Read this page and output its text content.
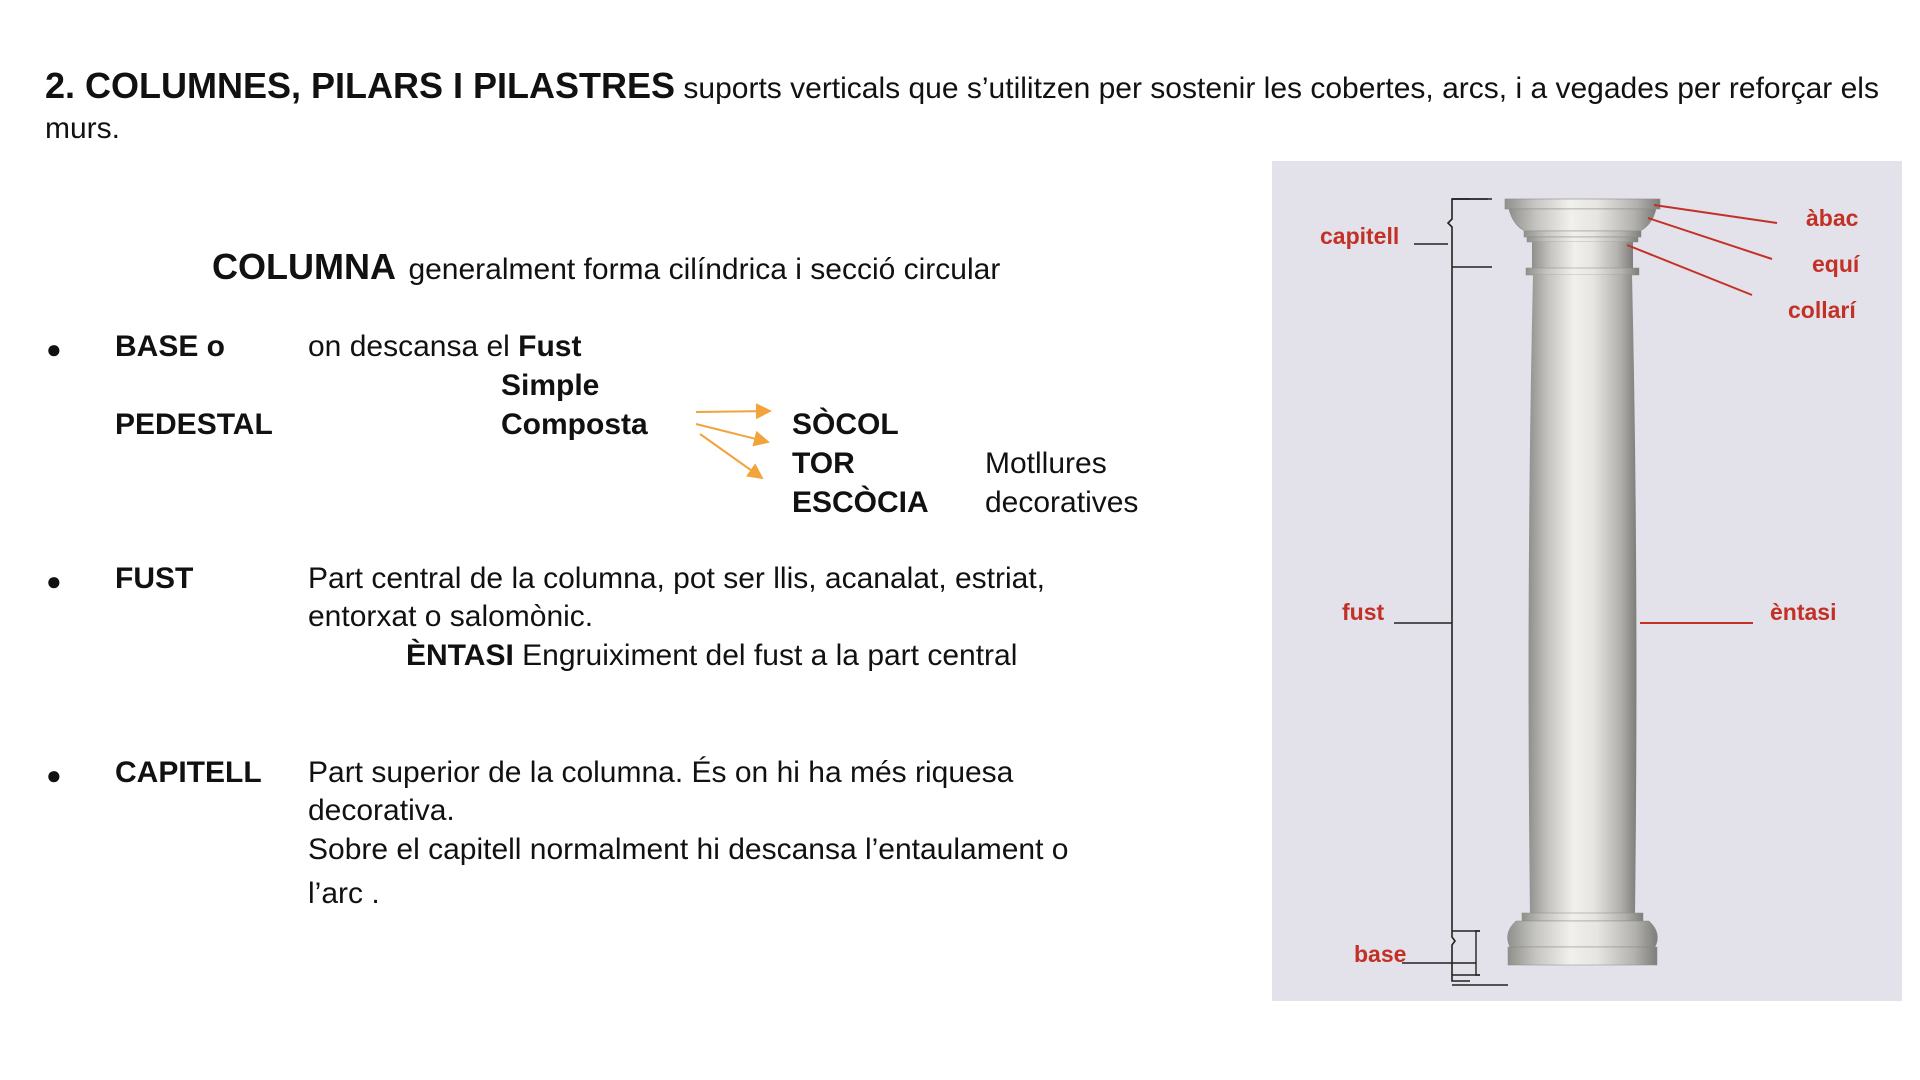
2. COLUMNES, PILARS I PILASTRES suports verticals que s’utilitzen per sostenir les cobertes, arcs, i a vegades per reforçar els murs.
COLUMNA generalment forma cilíndrica i secció circular
● BASE o
PEDESTAL
on descansa el Fust
Simple
Composta	SÒCOL
TOR
ESCÒCIA
Motllures
decoratives
● FUST	Part central de la columna, pot ser llis, acanalat, estriat,
entorxat o salomònic.
ÈNTASI Engruiximent del fust a la part central
● CAPITELL Part superior de la columna. És on hi ha més riquesa
decorativa.
Sobre el capitell normalment hi descansa l’entaulament o
l’arc .
capitell
fust
base
àbac
equí
collarí
èntasi
